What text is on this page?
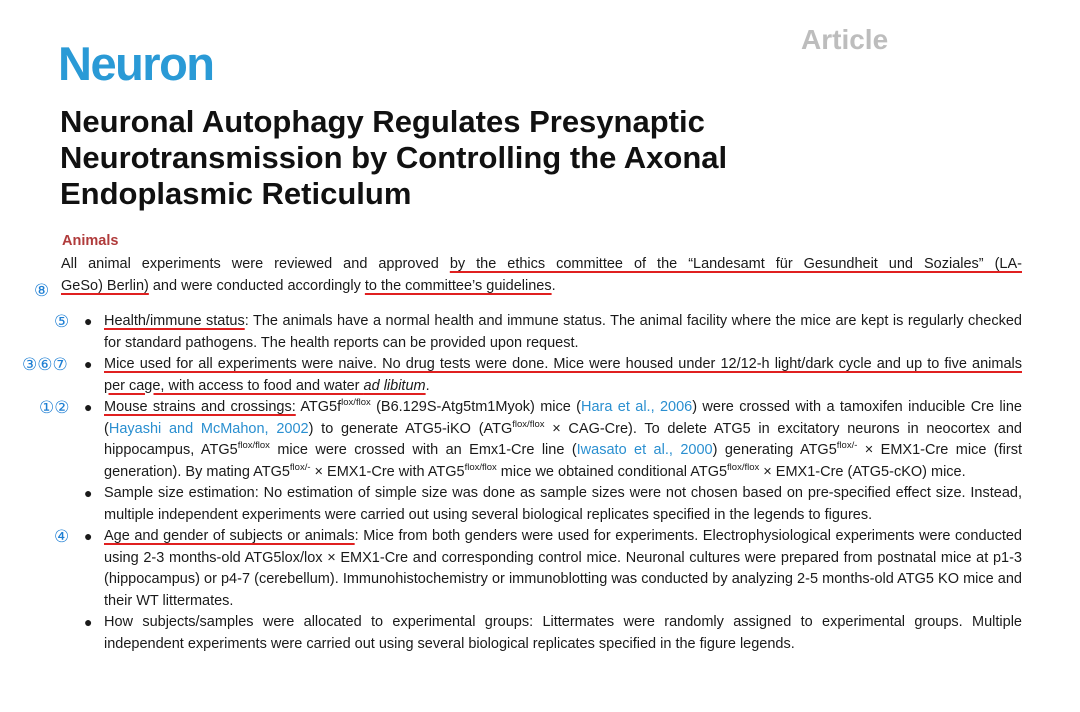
Neuron	Article
Neuronal Autophagy Regulates Presynaptic
Neurotransmission by Controlling the Axonal
Endoplasmic Reticulum
Animals

All animal experiments were reviewed and approved by the ethics committee of the “Landesamt für Gesundheit und Soziales” (LA-

⑧ GeSo) Berlin) and were conducted accordingly to the committee’s guidelines.

⑤ ● Health/immune status: The animals have a normal health and immune status. The animal facility where the mice are kept is regularly checked for standard pathogens. The health reports can be provided upon request.
③⑥⑦ ● Mice used for all experiments were naive. No drug tests were done. Mice were housed under 12/12-h light/dark cycle and up to five animals per cage, with access to food and water ad libitum.
①② ● Mouse strains and crossings: $ATG5f^{lox/flox}$ (B6.129S-Atg5tm1Myok) mice (Hara et al., 2006) were crossed with a tamoxifen inducible Cre line (Hayashi and McMahon, 2002) to generate ATG5-iKO $(ATG^{flox/flox} \times CAG-Cre)$. To delete ATG5 in excitatory neurons in neocortex and hippocampus, $ATG5^{flox/flox}$ mice were crossed with an Emx1-Cre line (Iwasato et al., 2000) generating $ATG5^{flox/-} \times EMX1-Cre$ mice (first generation). By mating $ATG5^{flox/-} \times EMX1-Cre$ with $ATG5^{flox/flox}$ mice we obtained conditional $ATG5^{flox/flox} \times EMX1-Cre$ (ATG5-cKO) mice.
● Sample size estimation: No estimation of simple size was done as sample sizes were not chosen based on pre-specified effect size. Instead, multiple independent experiments were carried out using several biological replicates specified in the legends to figures.
④ ● Age and gender of subjects or animals: Mice from both genders were used for experiments. Electrophysiological experiments were conducted using 2-3 months-old ATG5lox/lox × EMX1-Cre and corresponding control mice. Neuronal cultures were prepared from postnatal mice at p1-3 (hippocampus) or p4-7 (cerebellum). Immunohistochemistry or immunoblotting was conducted by analyzing 2-5 months-old ATG5 KO mice and their WT littermates.
● How subjects/samples were allocated to experimental groups: Littermates were randomly assigned to experimental groups. Multiple independent experiments were carried out using several biological replicates specified in the figure legends.
